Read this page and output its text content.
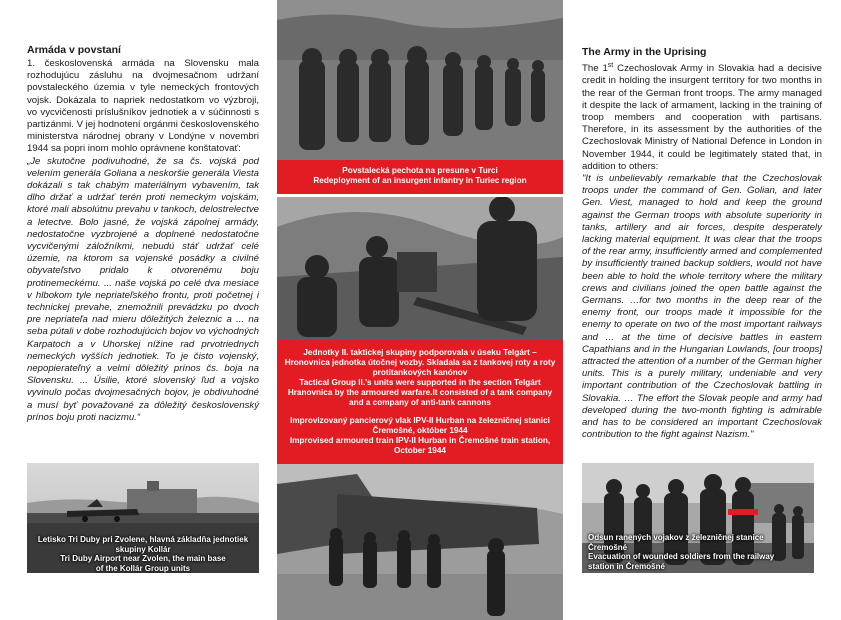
Armáda v povstaní

1. československá armáda na Slovensku mala rozhodujúcu zásluhu na dvojmesačnom udržaní povstaleckého územia v tyle nemeckých frontových vojsk. Dokázala to napriek nedostatkom vo výzbroji, vo vycvičenosti príslušníkov jednotiek a v súčinnosti s partizánmi. V jej hodnotení orgánmi československého ministerstva národnej obrany v Londýne v novembri 1944 sa popri inom mohlo oprávnene konštatovať:

„Je skutočne podivuhodné, že sa čs. vojská pod velením generála Goliana a neskoršie generála Viesta dokázali s tak chabým materiálnym vybavením, tak dlho držať a udržať terén proti nemeckým vojskám, ktoré mali absolútnu prevahu v tankoch, delostrelectve a letectve. Bolo jasné, že vojská zápolnej armády, nedostatočne vyzbrojené a doplnené nedostatočne vycvičenými záložníkmi, nebudú stáť udržať celé územie, na ktorom sa vojenské posádky a civilné obyvateľstvo pridalo k otvorenému boju protinemeckému. ... naše vojská po celé dva mesiace v hlbokom tyle nepriateľského frontu, proti početnej i technickej prevahe, znemožnili prevádzku po dvoch pre nepriateľa nad mieru dôležitých železnic a ... na seba pútali v dobe rozhodujúcich bojov vo východných Karpatoch a v Uhorskej nížine rad prvotriednych nemeckých vyšších jednotiek. To je čisto vojenský, nepopierateľný a velmi dôležitý prínos čs. boja na Slovensku. ... Úsilie, ktoré slovenský ľud a vojsko vyvinulo počas dvojmesačných bojov, je obdivuhodné a musí byť považované za dôležitý československý prínos boju proti nacizmu.“

Letisko Tri Duby pri Zvolene, hlavná základňa jednotiek skupiny Kollár

Tri Duby Airport near Zvolen, the main base

of the Kollár Group units

Povstalecká pechota na presune v Turci

Redeployment of an insurgent infantry in Turiec region

Jednotky II. taktickej skupiny podporovala v úseku Telgárt – Hronovnica jednotka útočnej vozby. Skladala sa z tankovej roty a roty protitankových kanónov

Tactical Group II.'s units were supported in the section Telgárt Hranovnica by the armoured warfare.It consisted of a tank company and a company of anti-tank cannons

Improvizovaný pancierový vlak IPV-II Hurban na železničnej stanici Čremošné, október 1944

Improvised armoured train IPV-II Hurban in Čremošné train station, October 1944

The Army in the Uprising

The 1st Czechoslovak Army in Slovakia had a decisive credit in holding the insurgent territory for two months in the rear of the German front troops. The army managed it despite the lack of armament, lacking in the training of troop members and cooperation with partisans. Therefore, in its assessment by the authorities of the Czechoslovak Ministry of National Defence in London in November 1944, it could be legitimately stated that, in addition to others:

"It is unbelievably remarkable that the Czechoslovak troops under the command of Gen. Golian, and later Gen. Viest, managed to hold and keep the ground against the German troops with absolute superiority in tanks, artillery and air forces, despite desperately lacking material equipment. It was clear that the troops of the rear army, insufficiently armed and complemented by insufficiently trained backup soldiers, would not have been able to hold the whole territory where the military crews and civilians joined the open battle against the Germans. …for two months in the deep rear of the enemy front, our troops made it impossible for the enemy to operate on two of the most important railways and … at the time of decisive battles in eastern Capathians and in the Hungarian Lowlands, [our troops] attracted the attention of a number of the German higher units. This is a purely military, undeniable and very important contribution of the Czechoslovak battling in Slovakia. … The effort the Slovak people and army had developed during the two-month fighting is admirable and has to be considered an important Czechoslovak contribution to the fight against Nazism."

Odsun ranených vojakov z železničnej stanice

Čremošné

Evacuation of wounded soldiers from the railway

station in Čremošné
